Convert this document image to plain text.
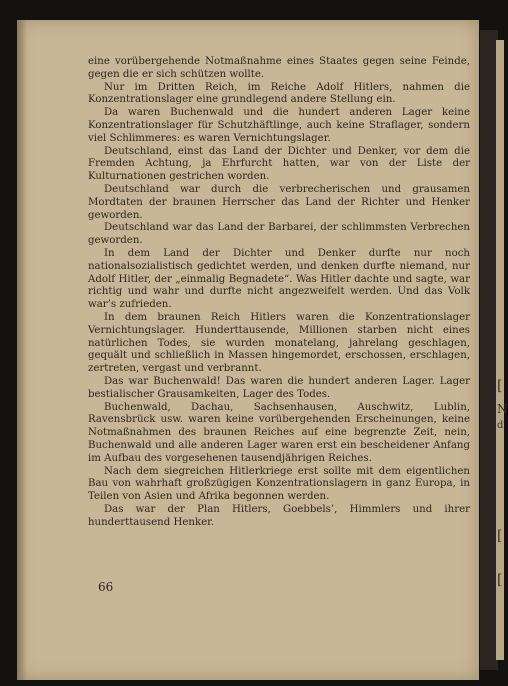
eine vorübergehende Notmaßnahme eines Staates gegen seine Feinde, gegen die er sich schützen wollte.

Nur im Dritten Reich, im Reiche Adolf Hitlers, nahmen die Konzentrationslager eine grundlegend andere Stellung ein.

Da waren Buchenwald und die hundert anderen Lager keine Konzentrationslager für Schutzhäftlinge, auch keine Straflager, sondern viel Schlimmeres: es waren Vernichtungslager.

Deutschland, einst das Land der Dichter und Denker, vor dem die Fremden Achtung, ja Ehrfurcht hatten, war von der Liste der Kulturnationen gestrichen worden.

Deutschland war durch die verbrecherischen und grausamen Mordtaten der braunen Herrscher das Land der Richter und Henker geworden.

Deutschland war das Land der Barbarei, der schlimmsten Verbrechen geworden.

In dem Land der Dichter und Denker durfte nur noch nationalsozialistisch gedichtet werden, und denken durfte niemand, nur Adolf Hitler, der „einmalig Begnadete“. Was Hitler dachte und sagte, war richtig und wahr und durfte nicht angezweifelt werden. Und das Volk war’s zufrieden.

In dem braunen Reich Hitlers waren die Konzentrationslager Vernichtungslager. Hunderttausende, Millionen starben nicht eines natürlichen Todes, sie wurden monatelang, jahrelang geschlagen, gequält und schließlich in Massen hingemordet, erschossen, erschlagen, zertreten, vergast und verbrannt.

Das war Buchenwald! Das waren die hundert anderen Lager. Lager bestialischer Grausamkeiten, Lager des Todes.

Buchenwald, Dachau, Sachsenhausen, Auschwitz, Lublin, Ravensbrück usw. waren keine vorübergehenden Erscheinungen, keine Notmaßnahmen des braunen Reiches auf eine begrenzte Zeit, nein, Buchenwald und alle anderen Lager waren erst ein bescheidener Anfang im Aufbau des vorgesehenen tausendjährigen Reiches.

Nach dem siegreichen Hitlerkriege erst sollte mit dem eigentlichen Bau von wahrhaft großzügigen Konzentrationslagern in ganz Europa, in Teilen von Asien und Afrika begonnen werden.

Das war der Plan Hitlers, Goebbels’, Himmlers und ihrer hunderttausend Henker.

66
[
N
d
[
[
